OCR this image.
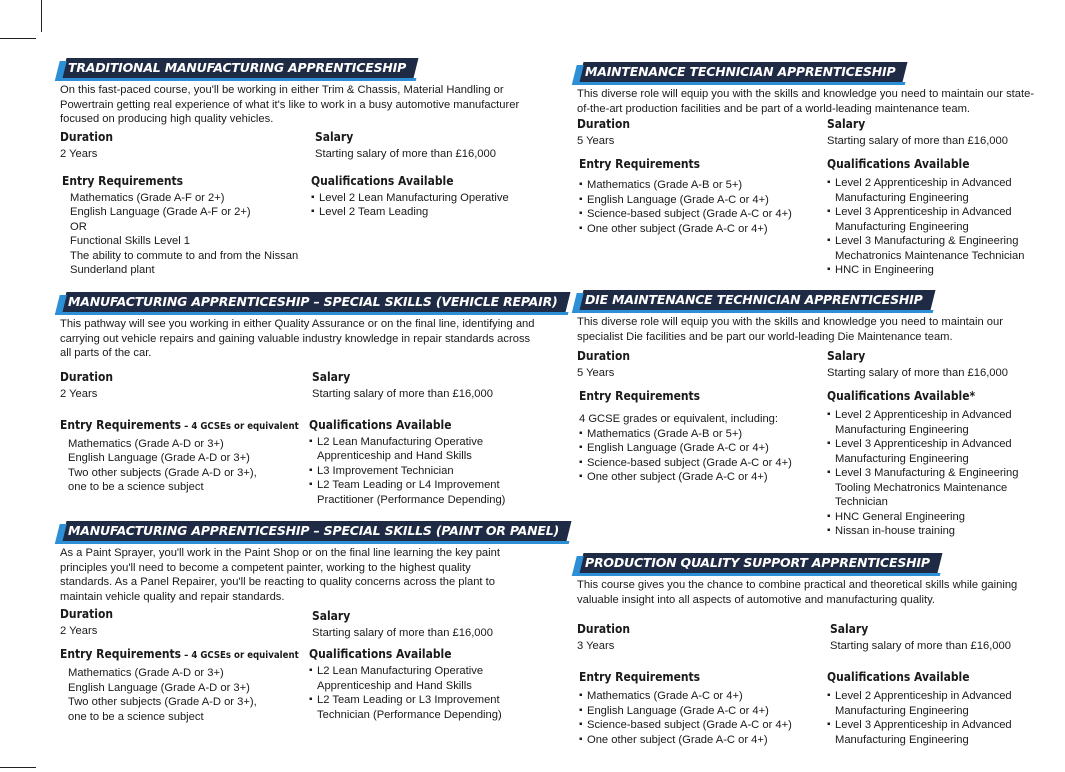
TRADITIONAL MANUFACTURING APPRENTICESHIP

On this fast-paced course, you'll be working in either Trim & Chassis, Material Handling or Powertrain getting real experience of what it's like to work in a busy automotive manufacturer focused on producing high quality vehicles.

Duration
2 Years
Salary
Starting salary of more than £16,000
Entry Requirements
Mathematics (Grade A-F or 2+)
English Language (Grade A-F or 2+)
OR
Functional Skills Level 1
The ability to commute to and from the Nissan Sunderland plant
Qualifications Available
▪ Level 2 Lean Manufacturing Operative
▪ Level 2 Team Leading
MANUFACTURING APPRENTICESHIP – SPECIAL SKILLS (VEHICLE REPAIR)

This pathway will see you working in either Quality Assurance or on the final line, identifying and carrying out vehicle repairs and gaining valuable industry knowledge in repair standards across all parts of the car.

Duration
2 Years
Salary
Starting salary of more than £16,000
Entry Requirements – 4 GCSEs or equivalent
Mathematics (Grade A-D or 3+)
English Language (Grade A-D or 3+)
Two other subjects (Grade A-D or 3+),
one to be a science subject
Qualifications Available
▪ L2 Lean Manufacturing Operative Apprenticeship and Hand Skills
▪ L3 Improvement Technician
▪ L2 Team Leading or L4 Improvement Practitioner (Performance Depending)
MANUFACTURING APPRENTICESHIP – SPECIAL SKILLS (PAINT OR PANEL)

As a Paint Sprayer, you'll work in the Paint Shop or on the final line learning the key paint principles you'll need to become a competent painter, working to the highest quality standards. As a Panel Repairer, you'll be reacting to quality concerns across the plant to maintain vehicle quality and repair standards.

Duration
2 Years
Salary
Starting salary of more than £16,000
Entry Requirements – 4 GCSEs or equivalent
Mathematics (Grade A-D or 3+)
English Language (Grade A-D or 3+)
Two other subjects (Grade A-D or 3+),
one to be a science subject
Qualifications Available
▪ L2 Lean Manufacturing Operative Apprenticeship and Hand Skills
▪ L2 Team Leading or L3 Improvement Technician (Performance Depending)
MAINTENANCE TECHNICIAN APPRENTICESHIP

This diverse role will equip you with the skills and knowledge you need to maintain our state-of-the-art production facilities and be part of a world-leading maintenance team.

Duration
5 Years
Salary
Starting salary of more than £16,000
Entry Requirements
▪ Mathematics (Grade A-B or 5+)
▪ English Language (Grade A-C or 4+)
▪ Science-based subject (Grade A-C or 4+)
▪ One other subject (Grade A-C or 4+)
Qualifications Available
▪ Level 2 Apprenticeship in Advanced Manufacturing Engineering
▪ Level 3 Apprenticeship in Advanced Manufacturing Engineering
▪ Level 3 Manufacturing & Engineering Mechatronics Maintenance Technician
▪ HNC in Engineering
DIE MAINTENANCE TECHNICIAN APPRENTICESHIP

This diverse role will equip you with the skills and knowledge you need to maintain our specialist Die facilities and be part our world-leading Die Maintenance team.

Duration
5 Years
Salary
Starting salary of more than £16,000
Entry Requirements
4 GCSE grades or equivalent, including:
▪ Mathematics (Grade A-B or 5+)
▪ English Language (Grade A-C or 4+)
▪ Science-based subject (Grade A-C or 4+)
▪ One other subject (Grade A-C or 4+)
Qualifications Available*
▪ Level 2 Apprenticeship in Advanced Manufacturing Engineering
▪ Level 3 Apprenticeship in Advanced Manufacturing Engineering
▪ Level 3 Manufacturing & Engineering Tooling Mechatronics Maintenance Technician
▪ HNC General Engineering
▪ Nissan in-house training
PRODUCTION QUALITY SUPPORT APPRENTICESHIP

This course gives you the chance to combine practical and theoretical skills while gaining valuable insight into all aspects of automotive and manufacturing quality.

Duration
3 Years
Salary
Starting salary of more than £16,000
Entry Requirements
▪ Mathematics (Grade A-C or 4+)
▪ English Language (Grade A-C or 4+)
▪ Science-based subject (Grade A-C or 4+)
▪ One other subject (Grade A-C or 4+)
Qualifications Available
▪ Level 2 Apprenticeship in Advanced Manufacturing Engineering
▪ Level 3 Apprenticeship in Advanced Manufacturing Engineering
